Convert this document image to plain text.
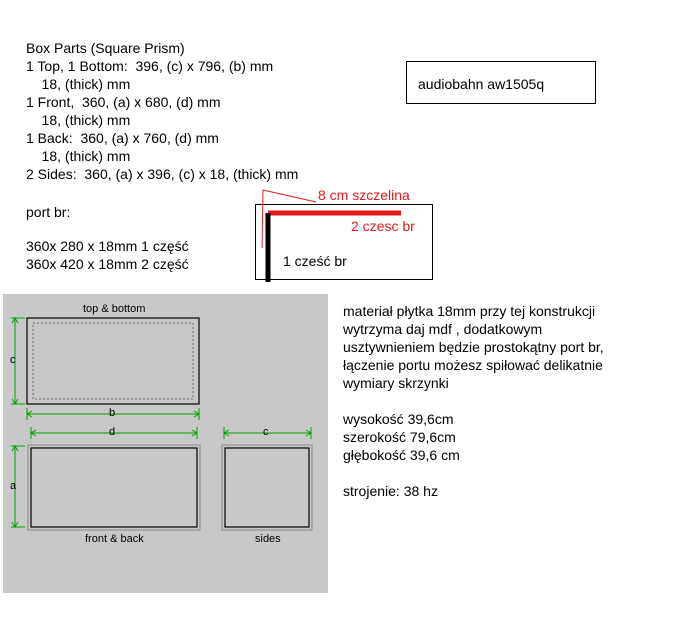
Box Parts (Square Prism)
1 Top, 1 Bottom:  396, (c) x 796, (b) mm
18, (thick) mm
1 Front,  360, (a) x 680, (d) mm
18, (thick) mm
1 Back:  360, (a) x 760, (d) mm
18, (thick) mm
2 Sides:  360, (a) x 396, (c) x 18, (thick) mm
port br:
360x 280 x 18mm 1 część
360x 420 x 18mm 2 część
audiobahn aw1505q
8 cm szczelina
2 czesc br
1 cześć br
top & bottom
c
b
d	c
a
front & back	sides
materiał płytka 18mm przy tej konstrukcji
wytrzyma daj mdf , dodatkowym
usztywnieniem będzie prostokątny port br,
łączenie portu możesz spiłować delikatnie
wymiary skrzynki
wysokość 39,6cm
szerokość 79,6cm
głębokość 39,6 cm
strojenie: 38 hz
